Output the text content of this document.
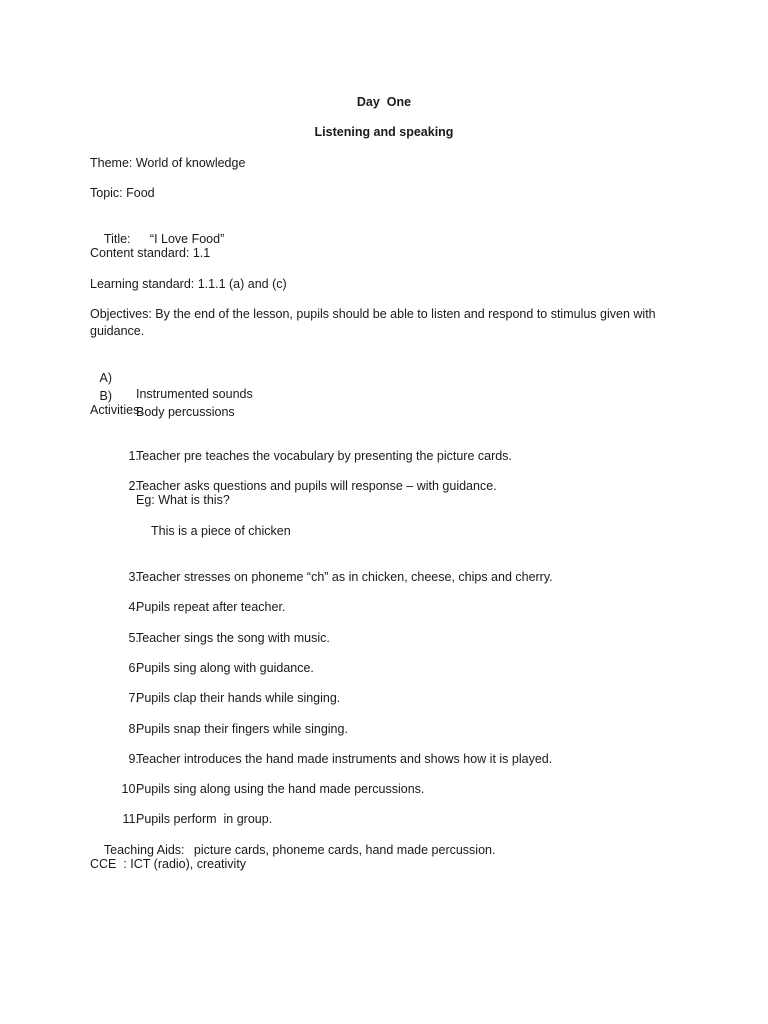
Day  One
Listening and speaking
Theme: World of knowledge
Topic: Food

Title: “I Love Food”

Content standard: 1.1
Learning standard: 1.1.1 (a) and (c)
Objectives: By the end of the lesson, pupils should be able to listen and respond to stimulus given with guidance.

A)

Instrumented sounds

B)

Body percussions

Activities:

1.
Teacher pre teaches the vocabulary by presenting the picture cards.

2.
Teacher asks questions and pupils will response – with guidance.

Eg: What is this?
This is a piece of chicken

3.
Teacher stresses on phoneme “ch” as in chicken, cheese, chips and cherry.

4.
Pupils repeat after teacher.

5.
Teacher sings the song with music.

6.
Pupils sing along with guidance.

7.
Pupils clap their hands while singing.

8.
Pupils snap their fingers while singing.

9.
Teacher introduces the hand made instruments and shows how it is played.

10.
Pupils sing along using the hand made percussions.

11.
Pupils perform  in group.

Teaching Aids: picture cards, phoneme cards, hand made percussion.

CCE  : ICT (radio), creativity
